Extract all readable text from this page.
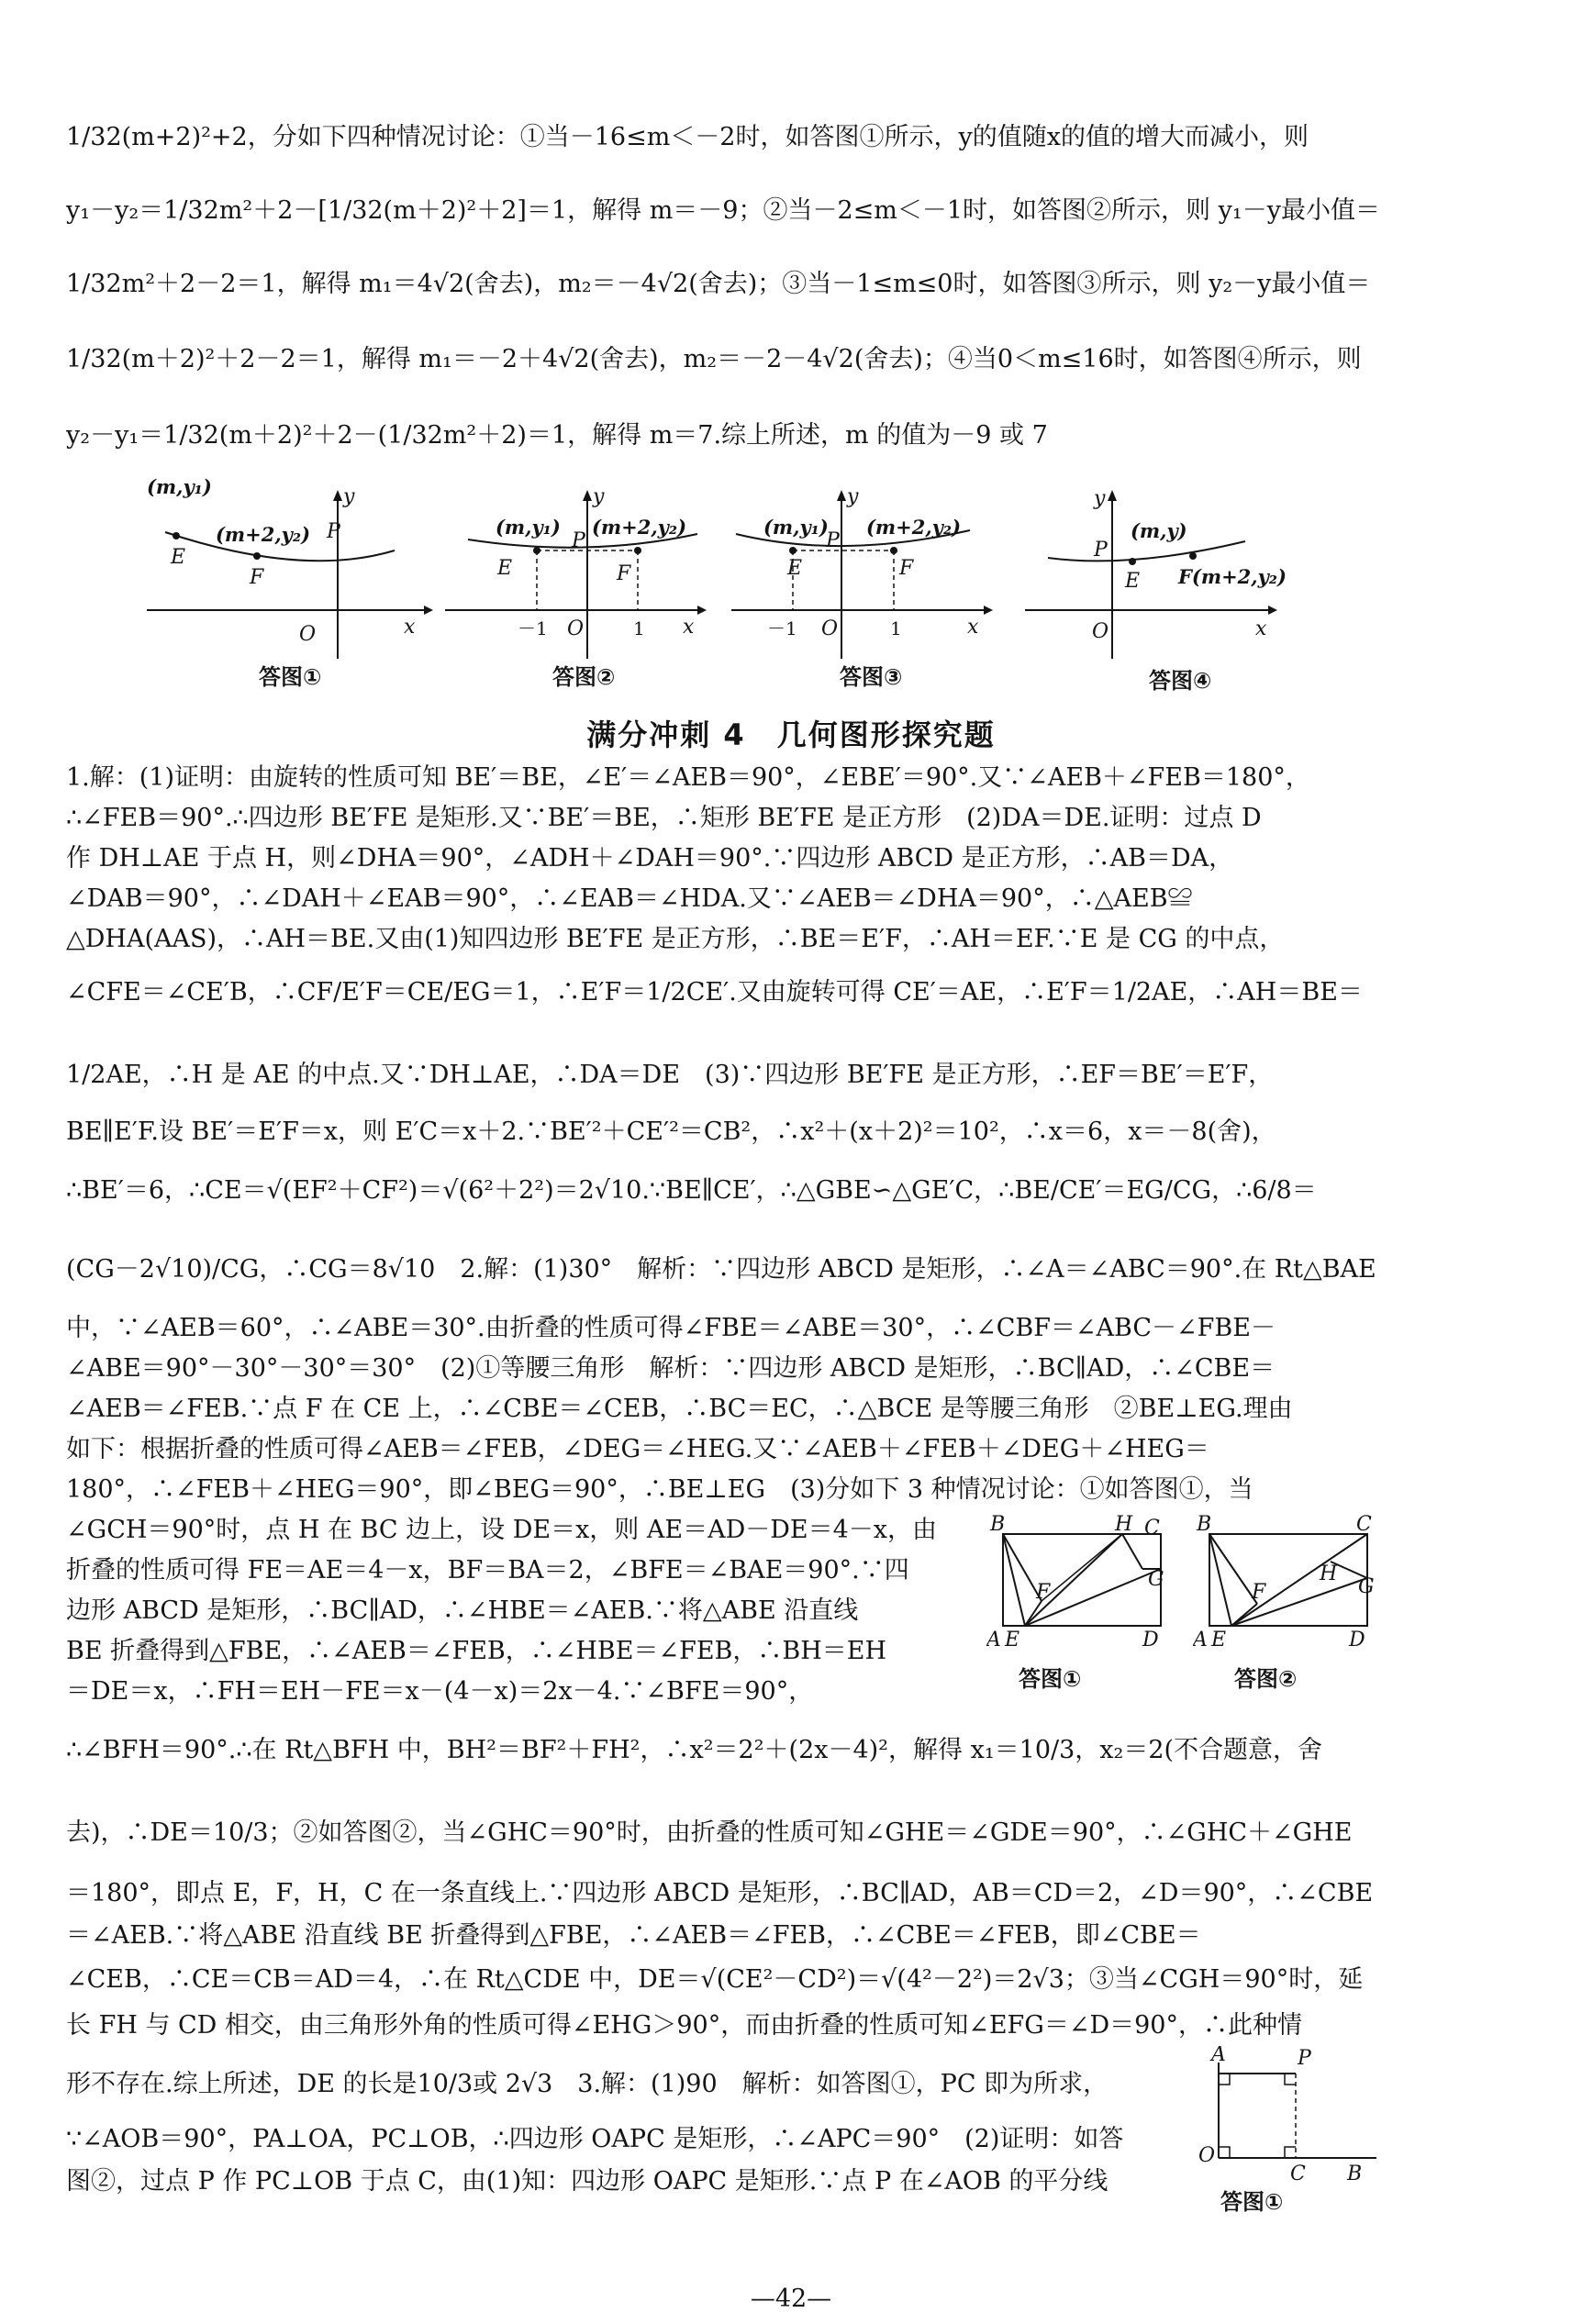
1/32(m+2)²+2，分如下四种情况讨论：①当－16≤m＜－2时，如答图①所示，y的值随x的值的增大而减小，则
y₁－y₂＝1/32m²＋2－[1/32(m＋2)²＋2]＝1，解得 m＝－9；②当－2≤m＜－1时，如答图②所示，则 y₁－y最小值＝
1/32m²＋2－2＝1，解得 m₁＝4√2(舍去)，m₂＝－4√2(舍去)；③当－1≤m≤0时，如答图③所示，则 y₂－y最小值＝
1/32(m＋2)²＋2－2＝1，解得 m₁＝－2＋4√2(舍去)，m₂＝－2－4√2(舍去)；④当0＜m≤16时，如答图④所示，则
y₂－y₁＝1/32(m＋2)²＋2－(1/32m²＋2)＝1，解得 m＝7.综上所述，m 的值为－9 或 7
(m,y₁)
(m+2,y₂)
E
F
P
y
O	x
答图①
(m,y₁) (m+2,y₂)
E	F
P
y
O
－1	1 x
答图②
(m,y₁) (m+2,y₂)
E	F
P
y
O
－1	1	x
答图③
(m,y)
F(m+2,y₂)
E
P
y
O	x
答图④
满分冲刺 4　几何图形探究题
1.解：(1)证明：由旋转的性质可知 BE′＝BE，∠E′＝∠AEB＝90°，∠EBE′＝90°.又∵∠AEB＋∠FEB＝180°，
∴∠FEB＝90°.∴四边形 BE′FE 是矩形.又∵BE′＝BE，∴矩形 BE′FE 是正方形　(2)DA＝DE.证明：过点 D
作 DH⊥AE 于点 H，则∠DHA＝90°，∠ADH＋∠DAH＝90°.∵四边形 ABCD 是正方形，∴AB＝DA，
∠DAB＝90°，∴∠DAH＋∠EAB＝90°，∴∠EAB＝∠HDA.又∵∠AEB＝∠DHA＝90°，∴△AEB≌
△DHA(AAS)，∴AH＝BE.又由(1)知四边形 BE′FE 是正方形，∴BE＝E′F，∴AH＝EF.∵E 是 CG 的中点，
∠CFE＝∠CE′B，∴CF/E′F＝CE/EG＝1，∴E′F＝1/2CE′.又由旋转可得 CE′＝AE，∴E′F＝1/2AE，∴AH＝BE＝
1/2AE，∴H 是 AE 的中点.又∵DH⊥AE，∴DA＝DE　(3)∵四边形 BE′FE 是正方形，∴EF＝BE′＝E′F，
BE∥E′F.设 BE′＝E′F＝x，则 E′C＝x＋2.∵BE′²＋CE′²＝CB²，∴x²＋(x＋2)²＝10²，∴x＝6，x＝－8(舍)，
∴BE′＝6，∴CE＝√(EF²＋CF²)＝√(6²＋2²)＝2√10.∵BE∥CE′，∴△GBE∽△GE′C，∴BE/CE′＝EG/CG，∴6/8＝
(CG－2√10)/CG，∴CG＝8√10　2.解：(1)30°　解析：∵四边形 ABCD 是矩形，∴∠A＝∠ABC＝90°.在 Rt△BAE
中，∵∠AEB＝60°，∴∠ABE＝30°.由折叠的性质可得∠FBE＝∠ABE＝30°，∴∠CBF＝∠ABC－∠FBE－
∠ABE＝90°－30°－30°＝30°　(2)①等腰三角形　解析：∵四边形 ABCD 是矩形，∴BC∥AD，∴∠CBE＝
∠AEB＝∠FEB.∵点 F 在 CE 上，∴∠CBE＝∠CEB，∴BC＝EC，∴△BCE 是等腰三角形　②BE⊥EG.理由
如下：根据折叠的性质可得∠AEB＝∠FEB，∠DEG＝∠HEG.又∵∠AEB＋∠FEB＋∠DEG＋∠HEG＝
180°，∴∠FEB＋∠HEG＝90°，即∠BEG＝90°，∴BE⊥EG　(3)分如下 3 种情况讨论：①如答图①，当
∠GCH＝90°时，点 H 在 BC 边上，设 DE＝x，则 AE＝AD－DE＝4－x，由
折叠的性质可得 FE＝AE＝4－x，BF＝BA＝2，∠BFE＝∠BAE＝90°.∵四
边形 ABCD 是矩形，∴BC∥AD，∴∠HBE＝∠AEB.∵将△ABE 沿直线
BE 折叠得到△FBE，∴∠AEB＝∠FEB，∴∠HBE＝∠FEB，∴BH＝EH
＝DE＝x，∴FH＝EH－FE＝x－(4－x)＝2x－4.∵∠BFE＝90°，
B	H C
F
G
A E	D
答图①
B	C
H
F	G
A E	D
答图②
∴∠BFH＝90°.∴在 Rt△BFH 中，BH²＝BF²＋FH²，∴x²＝2²＋(2x－4)²，解得 x₁＝10/3，x₂＝2(不合题意，舍
去)，∴DE＝10/3；②如答图②，当∠GHC＝90°时，由折叠的性质可知∠GHE＝∠GDE＝90°，∴∠GHC＋∠GHE
＝180°，即点 E，F，H，C 在一条直线上.∵四边形 ABCD 是矩形，∴BC∥AD，AB＝CD＝2，∠D＝90°，∴∠CBE
＝∠AEB.∵将△ABE 沿直线 BE 折叠得到△FBE，∴∠AEB＝∠FEB，∴∠CBE＝∠FEB，即∠CBE＝
∠CEB，∴CE＝CB＝AD＝4，∴在 Rt△CDE 中，DE＝√(CE²－CD²)＝√(4²－2²)＝2√3；③当∠CGH＝90°时，延
长 FH 与 CD 相交，由三角形外角的性质可得∠EHG＞90°，而由折叠的性质可知∠EFG＝∠D＝90°，∴此种情
形不存在.综上所述，DE 的长是10/3或 2√3　3.解：(1)90　解析：如答图①，PC 即为所求，
∵∠AOB＝90°，PA⊥OA，PC⊥OB，∴四边形 OAPC 是矩形，∴∠APC＝90°　(2)证明：如答
图②，过点 P 作 PC⊥OB 于点 C，由(1)知：四边形 OAPC 是矩形.∵点 P 在∠AOB 的平分线
A	P
O
C B
答图①
—42—
